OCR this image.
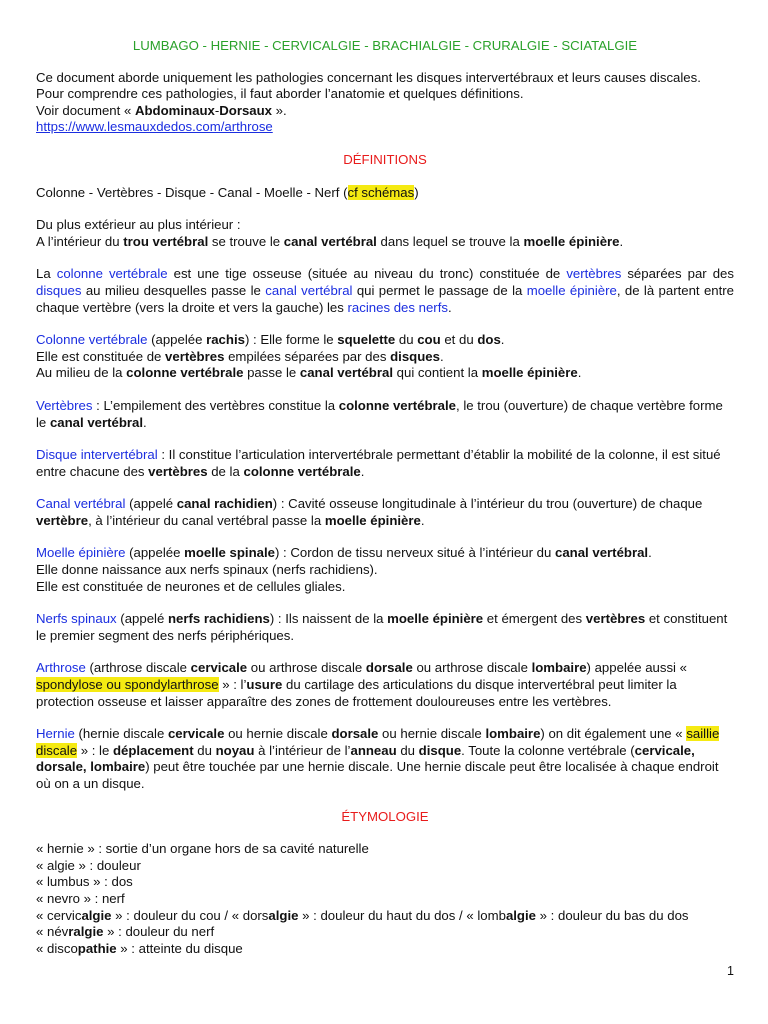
LUMBAGO - HERNIE - CERVICALGIE - BRACHIALGIE - CRURALGIE - SCIATALGIE

Ce document aborde uniquement les pathologies concernant les disques intervertébraux et leurs causes discales.

Pour comprendre ces pathologies, il faut aborder l’anatomie et quelques définitions.

Voir document « Abdominaux-Dorsaux ».

https://www.lesmauxdedos.com/arthrose

DÉFINITIONS

Colonne - Vertèbres - Disque - Canal - Moelle - Nerf (cf schémas)

Du plus extérieur au plus intérieur :

A l’intérieur du trou vertébral se trouve le canal vertébral dans lequel se trouve la moelle épinière.

La colonne vertébrale est une tige osseuse (située au niveau du tronc) constituée de vertèbres séparées par des disques au milieu desquelles passe le canal vertébral qui permet le passage de la moelle épinière, de là partent entre chaque vertèbre (vers la droite et vers la gauche) les racines des nerfs.

Colonne vertébrale (appelée rachis) : Elle forme le squelette du cou et du dos.

Elle est constituée de vertèbres empilées séparées par des disques.

Au milieu de la colonne vertébrale passe le canal vertébral qui contient la moelle épinière.

Vertèbres : L’empilement des vertèbres constitue la colonne vertébrale, le trou (ouverture) de chaque vertèbre forme le canal vertébral.

Disque intervertébral : Il constitue l’articulation intervertébrale permettant d’établir la mobilité de la colonne, il est situé entre chacune des vertèbres de la colonne vertébrale.

Canal vertébral (appelé canal rachidien) : Cavité osseuse longitudinale à l’intérieur du trou (ouverture) de chaque vertèbre, à l’intérieur du canal vertébral passe la moelle épinière.

Moelle épinière (appelée moelle spinale) : Cordon de tissu nerveux situé à l’intérieur du canal vertébral.

Elle donne naissance aux nerfs spinaux (nerfs rachidiens).

Elle est constituée de neurones et de cellules gliales.

Nerfs spinaux (appelé nerfs rachidiens) : Ils naissent de la moelle épinière et émergent des vertèbres et constituent le premier segment des nerfs périphériques.

Arthrose (arthrose discale cervicale ou arthrose discale dorsale ou arthrose discale lombaire) appelée aussi « spondylose ou spondylarthrose » : l’usure du cartilage des articulations du disque intervertébral peut limiter la protection osseuse et laisser apparaître des zones de frottement douloureuses entre les vertèbres.

Hernie (hernie discale cervicale ou hernie discale dorsale ou hernie discale lombaire) on dit également une « saillie discale » : le déplacement du noyau à l’intérieur de l’anneau du disque. Toute la colonne vertébrale (cervicale, dorsale, lombaire) peut être touchée par une hernie discale. Une hernie discale peut être localisée à chaque endroit où on a un disque.

ÉTYMOLOGIE

« hernie » : sortie d’un organe hors de sa cavité naturelle

« algie » : douleur

« lumbus » : dos

« nevro » : nerf

« cervicalgie » : douleur du cou / « dorsalgie » : douleur du haut du dos / « lombalgie » : douleur du bas du dos

« névralgie » : douleur du nerf

« discopathie » : atteinte du disque

1
